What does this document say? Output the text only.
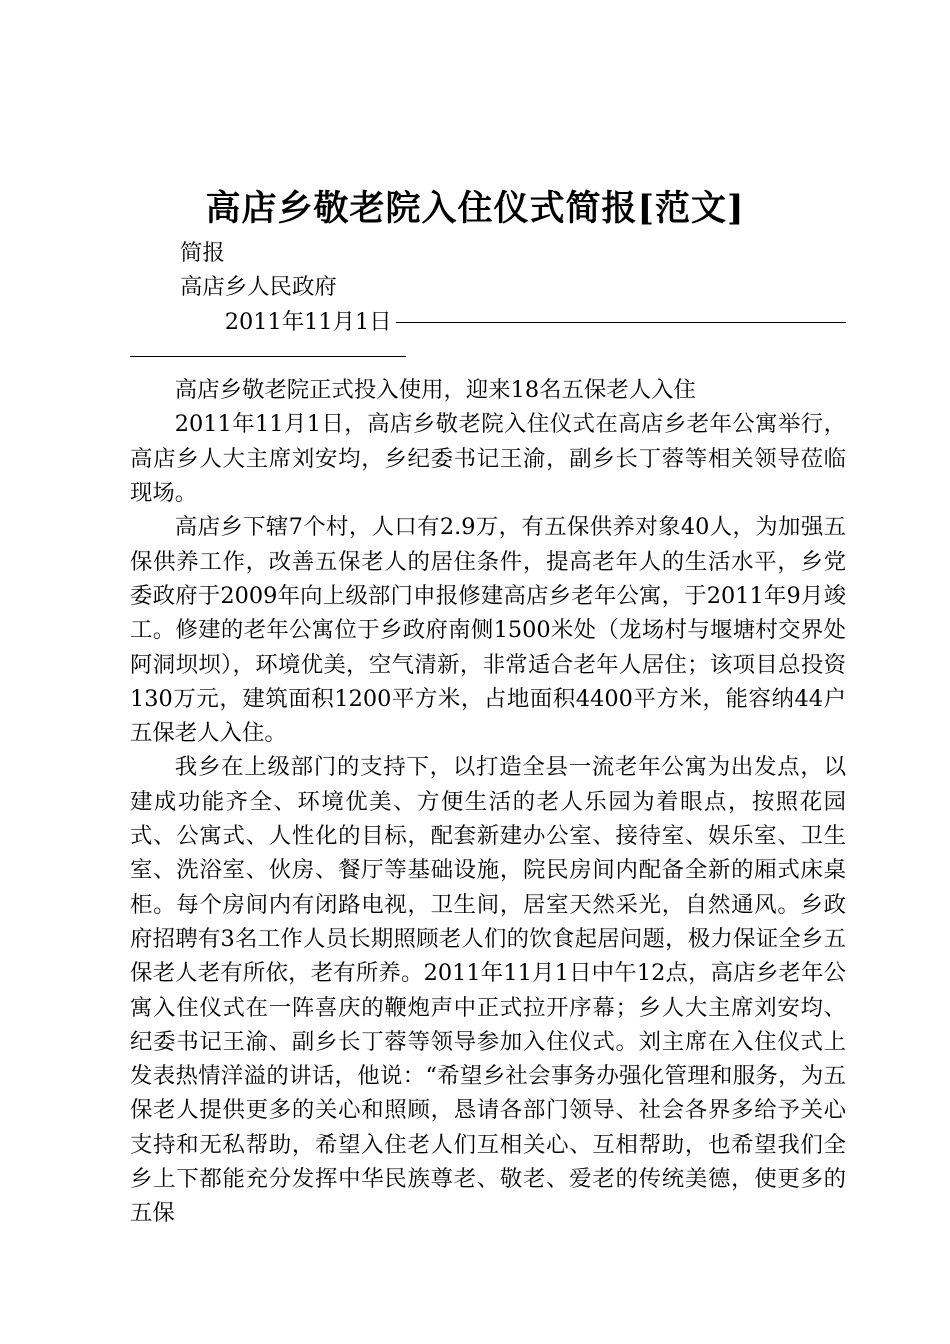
高店乡敬老院入住仪式简报[范文]

简报

高店乡人民政府

2011年11月1日

高店乡敬老院正式投入使用，迎来18名五保老人入住

2011年11月1日，高店乡敬老院入住仪式在高店乡老年公寓举行，高店乡人大主席刘安均，乡纪委书记王渝，副乡长丁蓉等相关领导莅临现场。

高店乡下辖7个村，人口有2.9万，有五保供养对象40人，为加强五保供养工作，改善五保老人的居住条件，提高老年人的生活水平，乡党委政府于2009年向上级部门申报修建高店乡老年公寓，于2011年9月竣工。修建的老年公寓位于乡政府南侧1500米处（龙场村与堰塘村交界处阿洞坝坝），环境优美，空气清新，非常适合老年人居住；该项目总投资130万元，建筑面积1200平方米，占地面积4400平方米，能容纳44户五保老人入住。

我乡在上级部门的支持下，以打造全县一流老年公寓为出发点，以建成功能齐全、环境优美、方便生活的老人乐园为着眼点，按照花园式、公寓式、人性化的目标，配套新建办公室、接待室、娱乐室、卫生室、洗浴室、伙房、餐厅等基础设施，院民房间内配备全新的厢式床桌柜。每个房间内有闭路电视，卫生间，居室天然采光，自然通风。乡政府招聘有3名工作人员长期照顾老人们的饮食起居问题，极力保证全乡五保老人老有所依，老有所养。2011年11月1日中午12点，高店乡老年公寓入住仪式在一阵喜庆的鞭炮声中正式拉开序幕；乡人大主席刘安均、纪委书记王渝、副乡长丁蓉等领导参加入住仪式。刘主席在入住仪式上发表热情洋溢的讲话，他说：“希望乡社会事务办强化管理和服务，为五保老人提供更多的关心和照顾，恳请各部门领导、社会各界多给予关心支持和无私帮助，希望入住老人们互相关心、互相帮助，也希望我们全乡上下都能充分发挥中华民族尊老、敬老、爱老的传统美德，使更多的五保
